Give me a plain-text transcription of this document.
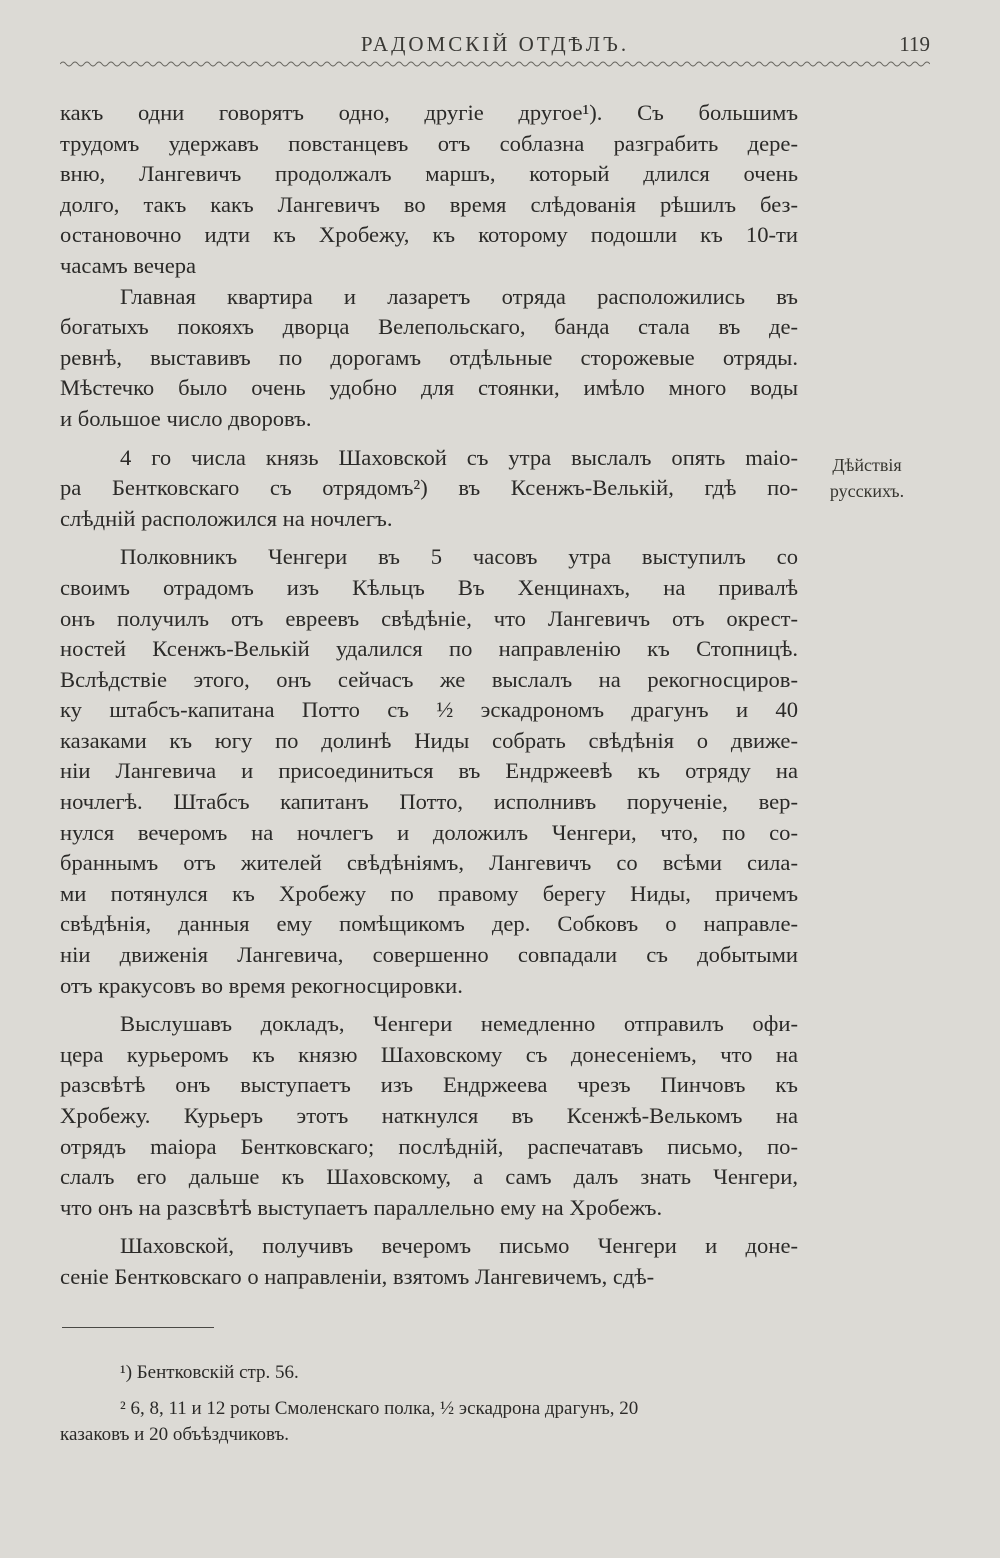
РАДОМСКІЙ ОТДѢЛЪ.	119
какъ одни говорятъ одно, другіе другое¹). Съ большимъ
трудомъ удержавъ повстанцевъ отъ соблазна разграбить дере-
вню, Лангевичъ продолжалъ маршъ, который длился очень
долго, такъ какъ Лангевичъ во время слѣдованія рѣшилъ без-
остановочно идти къ Хробежу, къ которому подошли къ 10-ти
часамъ вечера
Главная квартира и лазаретъ отряда расположились въ
богатыхъ покояхъ дворца Велепольскаго, банда стала въ де-
ревнѣ, выставивъ по дорогамъ отдѣльные сторожевые отряды.
Мѣстечко было очень удобно для стоянки, имѣло много воды
и большое число дворовъ.
4 го числа князь Шаховской съ утра выслалъ опять maio-
ра Бентковскаго съ отрядомъ²) въ Ксенжъ-Велькій, гдѣ по-
слѣдній расположился на ночлегъ.
Полковникъ Ченгери въ 5 часовъ утра выступилъ со
своимъ отрадомъ изъ Кѣльцъ Въ Хенцинахъ, на привалѣ
онъ получилъ отъ евреевъ свѣдѣніе, что Лангевичъ отъ окрест-
ностей Ксенжъ-Велькій удалился по направленію къ Стопницѣ.
Вслѣдствіе этого, онъ сейчасъ же выслалъ на рекогносциров-
ку штабсъ-капитана Потто съ ½ эскадрономъ драгунъ и 40
казаками къ югу по долинѣ Ниды собрать свѣдѣнія о движе-
ніи Лангевича и присоединиться въ Ендржеевѣ къ отряду на
ночлегѣ. Штабсъ капитанъ Потто, исполнивъ порученіе, вер-
нулся вечеромъ на ночлегъ и доложилъ Ченгери, что, по со-
браннымъ отъ жителей свѣдѣніямъ, Лангевичъ со всѣми сила-
ми потянулся къ Хробежу по правому берегу Ниды, причемъ
свѣдѣнія, данныя ему помѣщикомъ дер. Собковъ о направле-
ніи движенія Лангевича, совершенно совпадали съ добытыми
отъ кракусовъ во время рекогносцировки.
Выслушавъ докладъ, Ченгери немедленно отправилъ офи-
цера курьеромъ къ князю Шаховскому съ донесеніемъ, что на
разсвѣтѣ онъ выступаетъ изъ Ендржеева чрезъ Пинчовъ къ
Хробежу. Курьеръ этотъ наткнулся въ Ксенжѣ-Велькомъ на
отрядъ maiopa Бентковскаго; послѣдній, распечатавъ письмо, по-
слалъ его дальше къ Шаховскому, а самъ далъ знать Ченгери,
что онъ на разсвѣтѣ выступаетъ параллельно ему на Хробежъ.
Шаховской, получивъ вечеромъ письмо Ченгери и доне-
сеніе Бентковскаго о направленіи, взятомъ Лангевичемъ, сдѣ-
Дѣйствія
русскихъ.
¹) Бентковскій стр. 56.
² 6, 8, 11 и 12 роты Смоленскаго полка, ½ эскадрона драгунъ, 20
казаковъ и 20 объѣздчиковъ.
